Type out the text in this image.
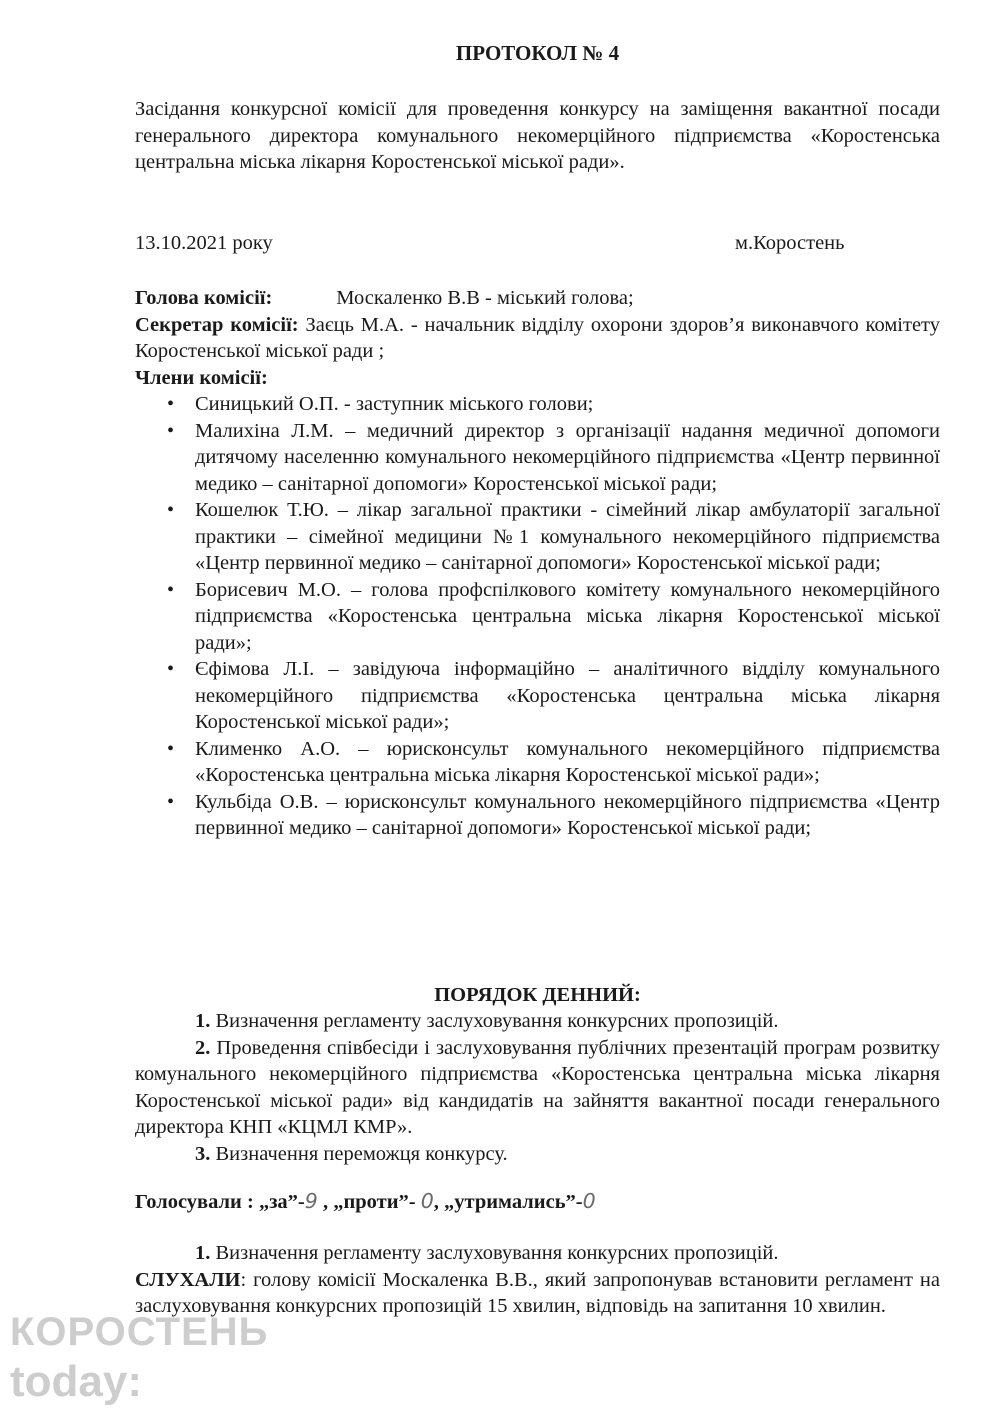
ПРОТОКОЛ № 4
Засідання конкурсної комісії для проведення конкурсу на заміщення вакантної посади генерального директора комунального некомерційного підприємства «Коростенська центральна міська лікарня Коростенської міської ради».
13.10.2021 року	м.Коростень

Голова комісії:	Москаленко В.В - міський голова;

Секретар комісії: Заєць М.А. - начальник відділу охорони здоров’я виконавчого комітету Коростенської міської ради ;

Члени комісії:

• Синицький О.П. - заступник міського голови;
• Малихіна Л.М. – медичний директор з організації надання медичної допомоги дитячому населенню комунального некомерційного підприємства «Центр первинної медико – санітарної допомоги» Коростенської міської ради;
• Кошелюк Т.Ю. – лікар загальної практики - сімейний лікар амбулаторії загальної практики – сімейної медицини №1 комунального некомерційного підприємства «Центр первинної медико – санітарної допомоги» Коростенської міської ради;
• Борисевич М.О. – голова профспілкового комітету комунального некомерційного підприємства «Коростенська центральна міська лікарня Коростенської міської ради»;
• Єфімова Л.І. – завідуюча інформаційно – аналітичного відділу комунального некомерційного підприємства «Коростенська центральна міська лікарня Коростенської міської ради»;
• Клименко А.О. – юрисконсульт комунального некомерційного підприємства «Коростенська центральна міська лікарня Коростенської міської ради»;
• Кульбіда О.В. – юрисконсульт комунального некомерційного підприємства «Центр первинної медико – санітарної допомоги» Коростенської міської ради;
ПОРЯДОК ДЕННИЙ:

1. Визначення регламенту заслуховування конкурсних пропозицій.

2. Проведення співбесіди і заслуховування публічних презентацій програм розвитку комунального некомерційного підприємства «Коростенська центральна міська лікарня Коростенської міської ради» від кандидатів на зайняття вакантної посади генерального директора КНП «КЦМЛ КМР».

3. Визначення переможця конкурсу.

Голосували : „за”-9 , „проти”- 0, „утримались”-0

1. Визначення регламенту заслуховування конкурсних пропозицій.

СЛУХАЛИ: голову комісії Москаленка В.В., який запропонував встановити регламент на заслуховування конкурсних пропозицій 15 хвилин, відповідь на запитання 10 хвилин.

КОРОСТЕНЬ
today:
